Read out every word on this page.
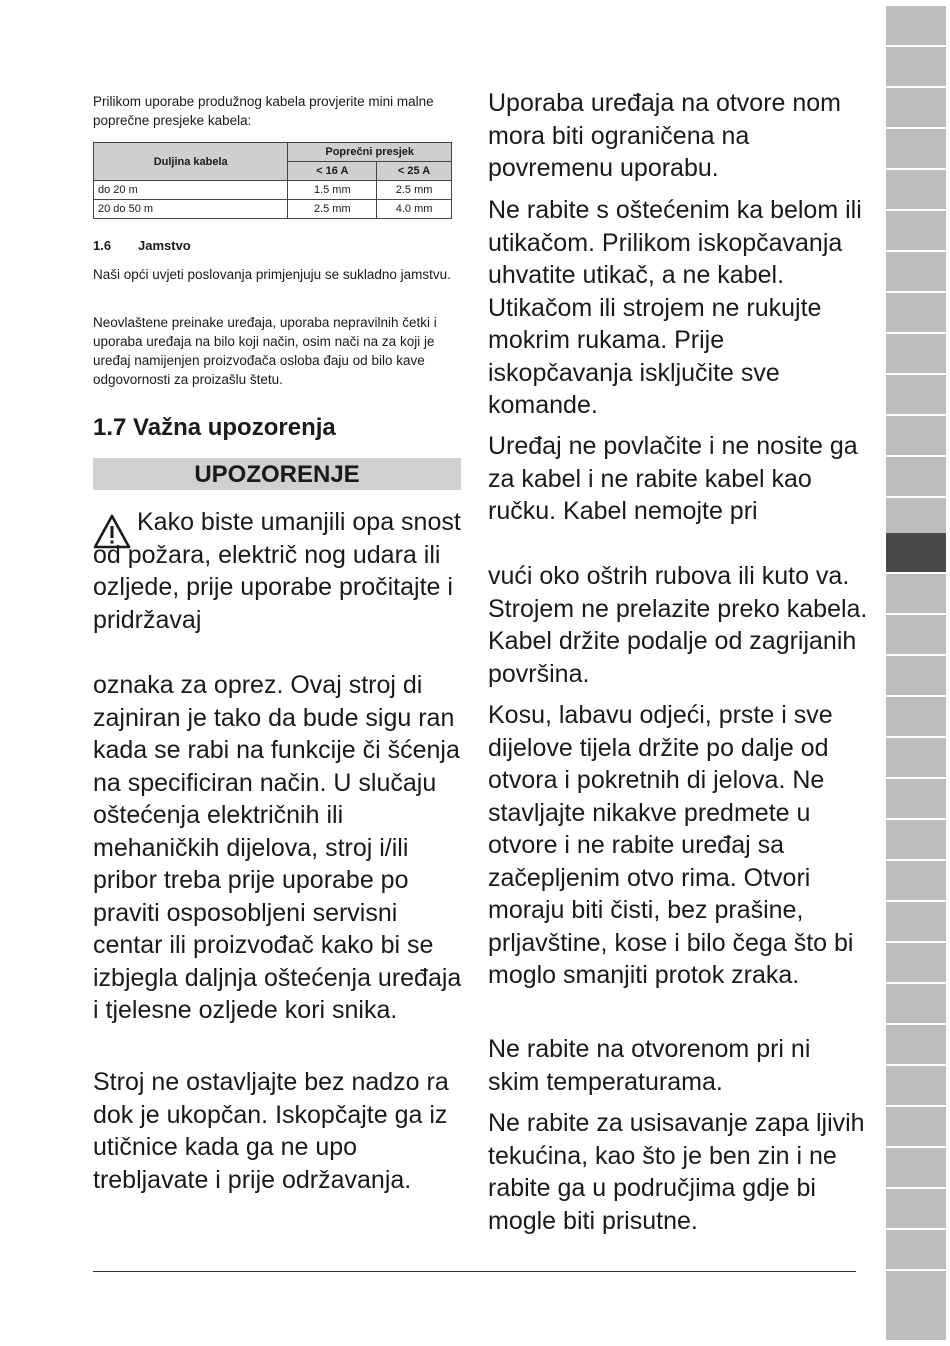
Prilikom uporabe produžnog kabela provjerite mini malne poprečne presjeke kabela:

Duljina kabela	Poprečni presjek	
	< 16 A	< 25 A
do 20 m	1.5 mm	2.5 mm
20 do 50 m	2.5 mm	4.0 mm
1.6 Jamstvo

Naši opći uvjeti poslovanja primjenjuju se sukladno jamstvu.

Neovlaštene preinake uređaja, uporaba nepravilnih četki i uporaba uređaja na bilo koji način, osim nači na za koji je uređaj namijenjen proizvođača osloba đaju od bilo kave odgovornosti za proizašlu štetu.

1.7 Važna upozorenja
UPOZORENJE

Kako biste umanjili opa snost od požara, električ nog udara ili ozljede, prije uporabe pročitajte i pridržavaj

oznaka za oprez. Ovaj stroj di zajniran je tako da bude sigu ran kada se rabi na funkcije či šćenja na specificiran način. U slučaju oštećenja električnih ili mehaničkih dijelova, stroj i/ili pribor treba prije uporabe po praviti osposobljeni servisni centar ili proizvođač kako bi se izbjegla daljnja oštećenja uređaja i tjelesne ozljede kori snika.

Stroj ne ostavljajte bez nadzo ra dok je ukopčan. Iskopčajte ga iz utičnice kada ga ne upo trebljavate i prije održavanja.

Uporaba uređaja na otvore nom mora biti ograničena na povremenu uporabu.

Ne rabite s oštećenim ka belom ili utikačom. Prilikom iskopčavanja uhvatite utikač, a ne kabel. Utikačom ili strojem ne rukujte mokrim rukama. Prije iskopčavanja isključite sve komande.

Uređaj ne povlačite i ne nosite ga za kabel i ne rabite kabel kao ručku. Kabel nemojte pri

vući oko oštrih rubova ili kuto va. Strojem ne prelazite preko kabela. Kabel držite podalje od zagrijanih površina.

Kosu, labavu odjeći, prste i sve dijelove tijela držite po dalje od otvora i pokretnih di jelova. Ne stavljajte nikakve predmete u otvore i ne rabite uređaj sa začepljenim otvo rima. Otvori moraju biti čisti, bez prašine, prljavštine, kose i bilo čega što bi moglo smanjiti protok zraka.

Ne rabite na otvorenom pri ni skim temperaturama.

Ne rabite za usisavanje zapa ljivih tekućina, kao što je ben zin i ne rabite ga u područjima gdje bi mogle biti prisutne.
